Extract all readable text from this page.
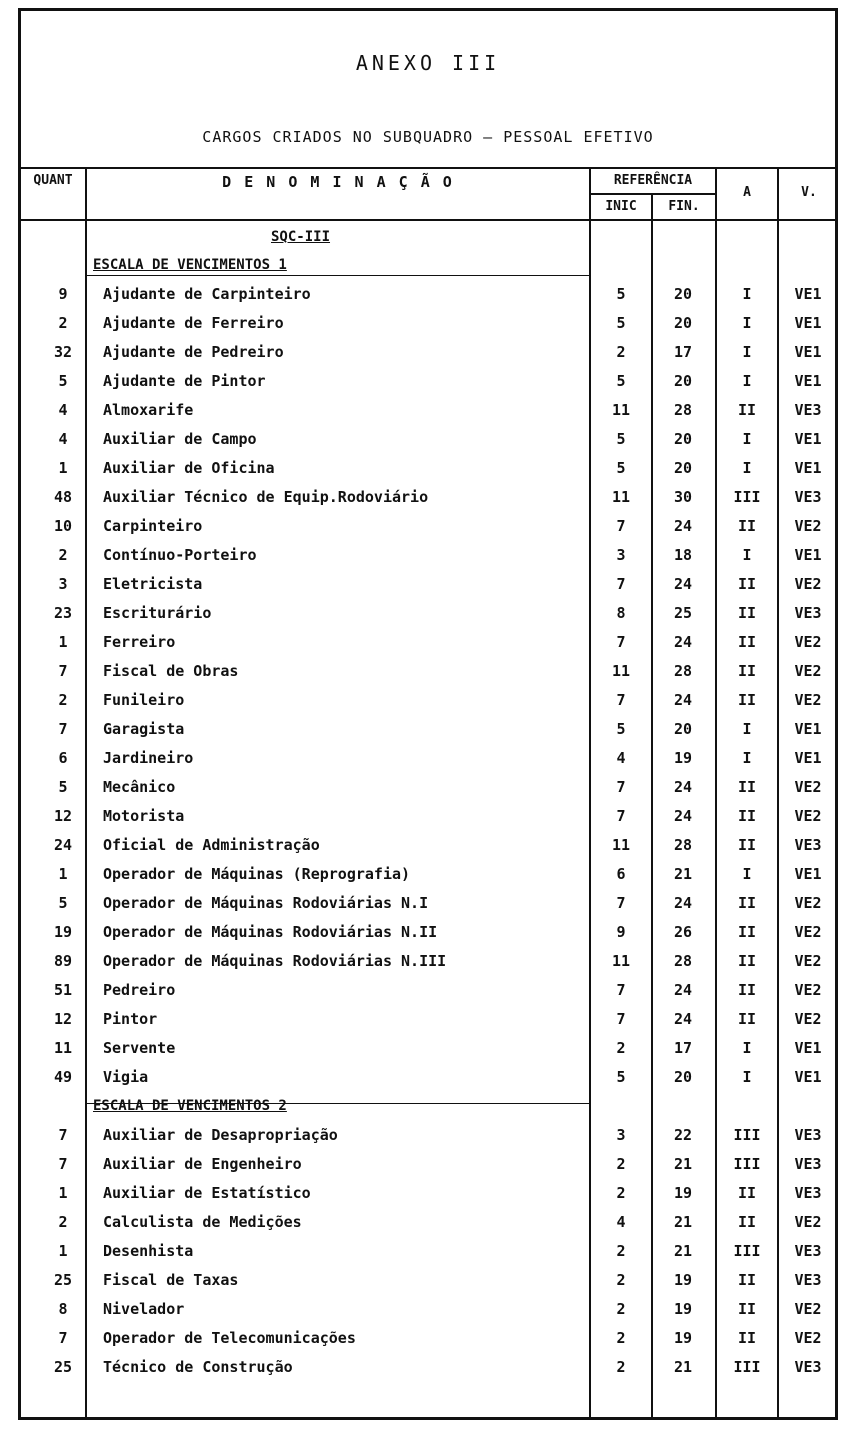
ANEXO III
CARGOS CRIADOS NO SUBQUADRO — PESSOAL EFETIVO
QUANT	D E N O M I N A Ç Ã O	REFERÊNCIA
INIC	FIN.
A	V.
SQC-III
ESCALA DE VENCIMENTOS 1
9	Ajudante de Carpinteiro	5	20	I	VE1
2	Ajudante de Ferreiro	5	20	I	VE1
32	Ajudante de Pedreiro	2	17	I	VE1
5	Ajudante de Pintor	5	20	I	VE1
4	Almoxarife	11	28	II	VE3
4	Auxiliar de Campo	5	20	I	VE1
1	Auxiliar de Oficina	5	20	I	VE1
48	Auxiliar Técnico de Equip.Rodoviário	11	30	III	VE3
10	Carpinteiro	7	24	II	VE2
2	Contínuo-Porteiro	3	18	I	VE1
3	Eletricista	7	24	II	VE2
23	Escriturário	8	25	II	VE3
1	Ferreiro	7	24	II	VE2
7	Fiscal de Obras	11	28	II	VE2
2	Funileiro	7	24	II	VE2
7	Garagista	5	20	I	VE1
6	Jardineiro	4	19	I	VE1
5	Mecânico	7	24	II	VE2
12	Motorista	7	24	II	VE2
24	Oficial de Administração	11	28	II	VE3
1	Operador de Máquinas (Reprografia)	6	21	I	VE1
5	Operador de Máquinas Rodoviárias N.I	7	24	II	VE2
19	Operador de Máquinas Rodoviárias N.II	9	26	II	VE2
89	Operador de Máquinas Rodoviárias N.III	11	28	II	VE2
51	Pedreiro	7	24	II	VE2
12	Pintor	7	24	II	VE2
11	Servente	2	17	I	VE1
49	Vigia	5	20	I	VE1
ESCALA DE VENCIMENTOS 2
7	Auxiliar de Desapropriação	3	22	III	VE3
7	Auxiliar de Engenheiro	2	21	III	VE3
1	Auxiliar de Estatístico	2	19	II	VE3
2	Calculista de Medições	4	21	II	VE2
1	Desenhista	2	21	III	VE3
25	Fiscal de Taxas	2	19	II	VE3
8	Nivelador	2	19	II	VE2
7	Operador de Telecomunicações	2	19	II	VE2
25	Técnico de Construção	2	21	III	VE3
